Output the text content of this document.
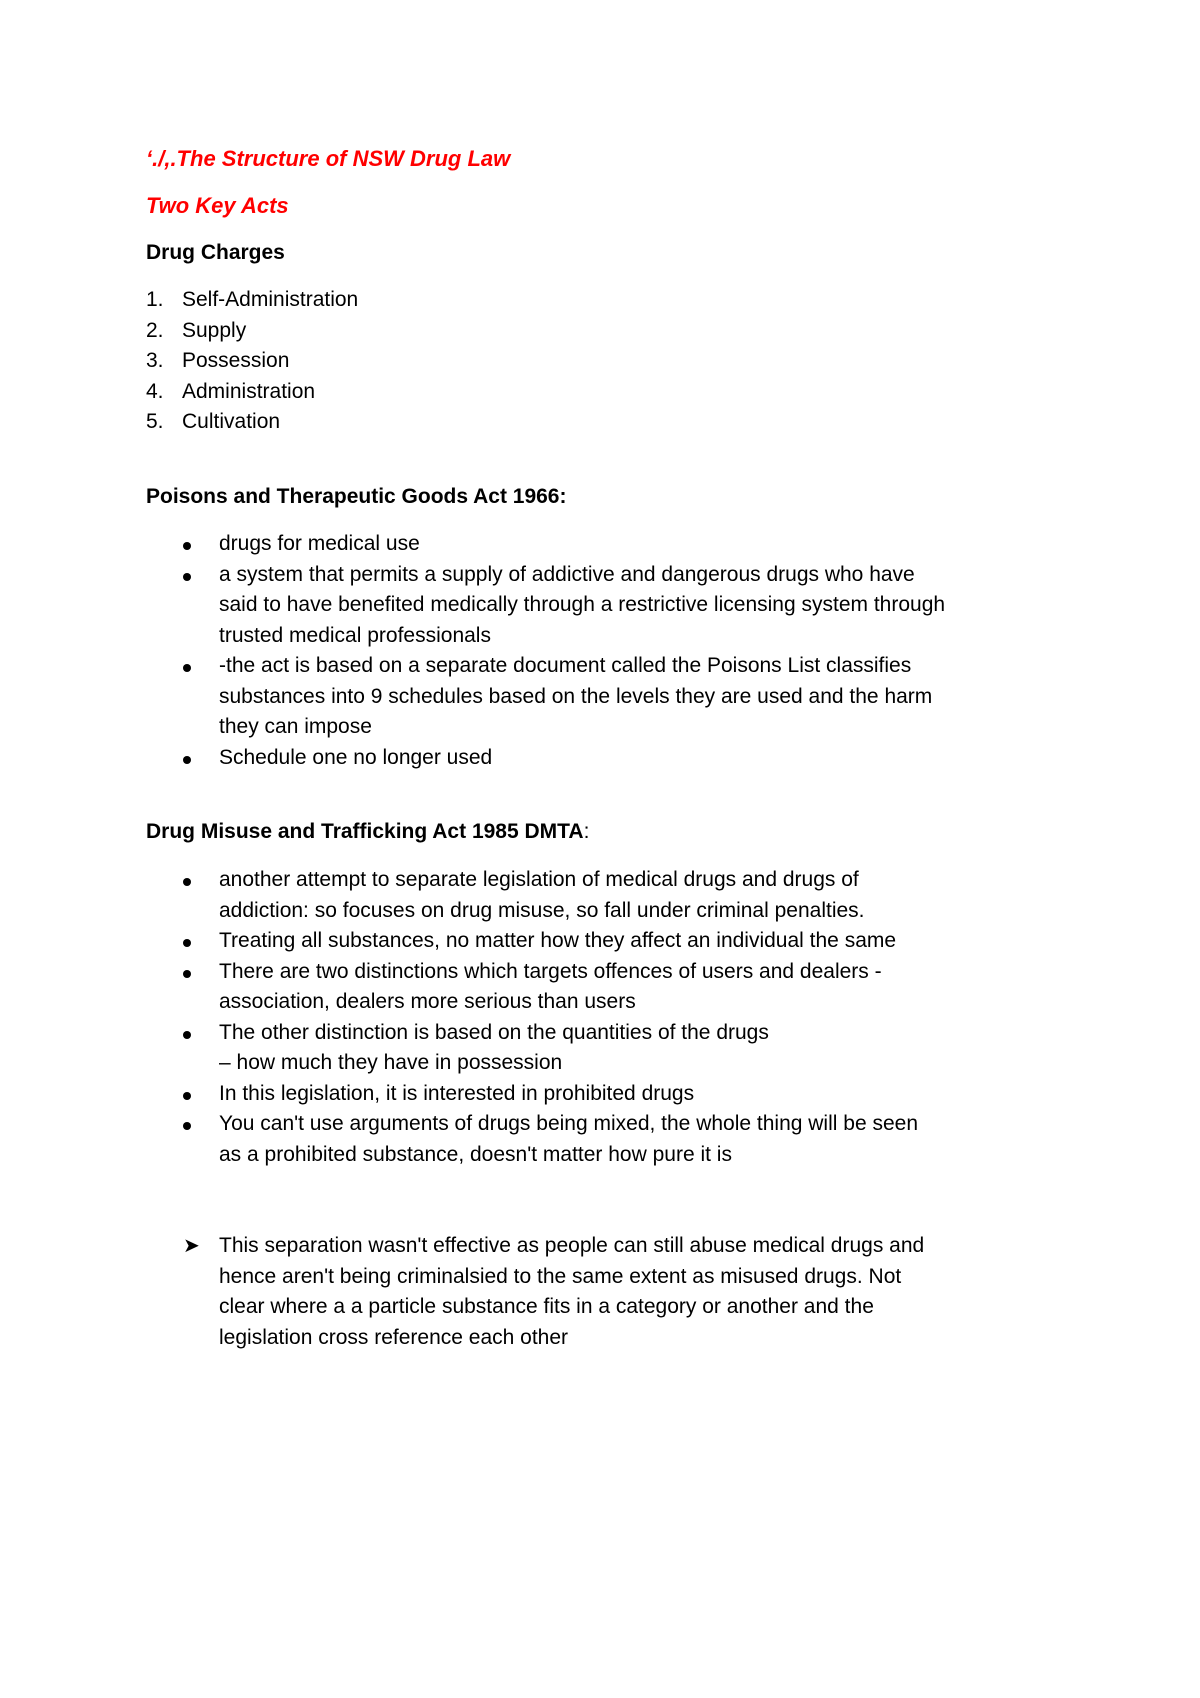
‘./,.The Structure of NSW Drug Law
Two Key Acts
Drug Charges
1. Self-Administration
2. Supply
3. Possession
4. Administration
5. Cultivation
Poisons and Therapeutic Goods Act 1966:
drugs for medical use
a system that permits a supply of addictive and dangerous drugs who have
said to have benefited medically through a restrictive licensing system through
trusted medical professionals
-the act is based on a separate document called the Poisons List classifies
substances into 9 schedules based on the levels they are used and the harm
they can impose
Schedule one no longer used
Drug Misuse and Trafficking Act 1985 DMTA:
another attempt to separate legislation of medical drugs and drugs of
addiction: so focuses on drug misuse, so fall under criminal penalties.
Treating all substances, no matter how they affect an individual the same
There are two distinctions which targets offences of users and dealers -
association, dealers more serious than users
The other distinction is based on the quantities of the drugs
– how much they have in possession
In this legislation, it is interested in prohibited drugs
You can't use arguments of drugs being mixed, the whole thing will be seen
as a prohibited substance, doesn't matter how pure it is
➤ This separation wasn't effective as people can still abuse medical drugs and
hence aren't being criminalsied to the same extent as misused drugs. Not
clear where a a particle substance fits in a category or another and the
legislation cross reference each other
